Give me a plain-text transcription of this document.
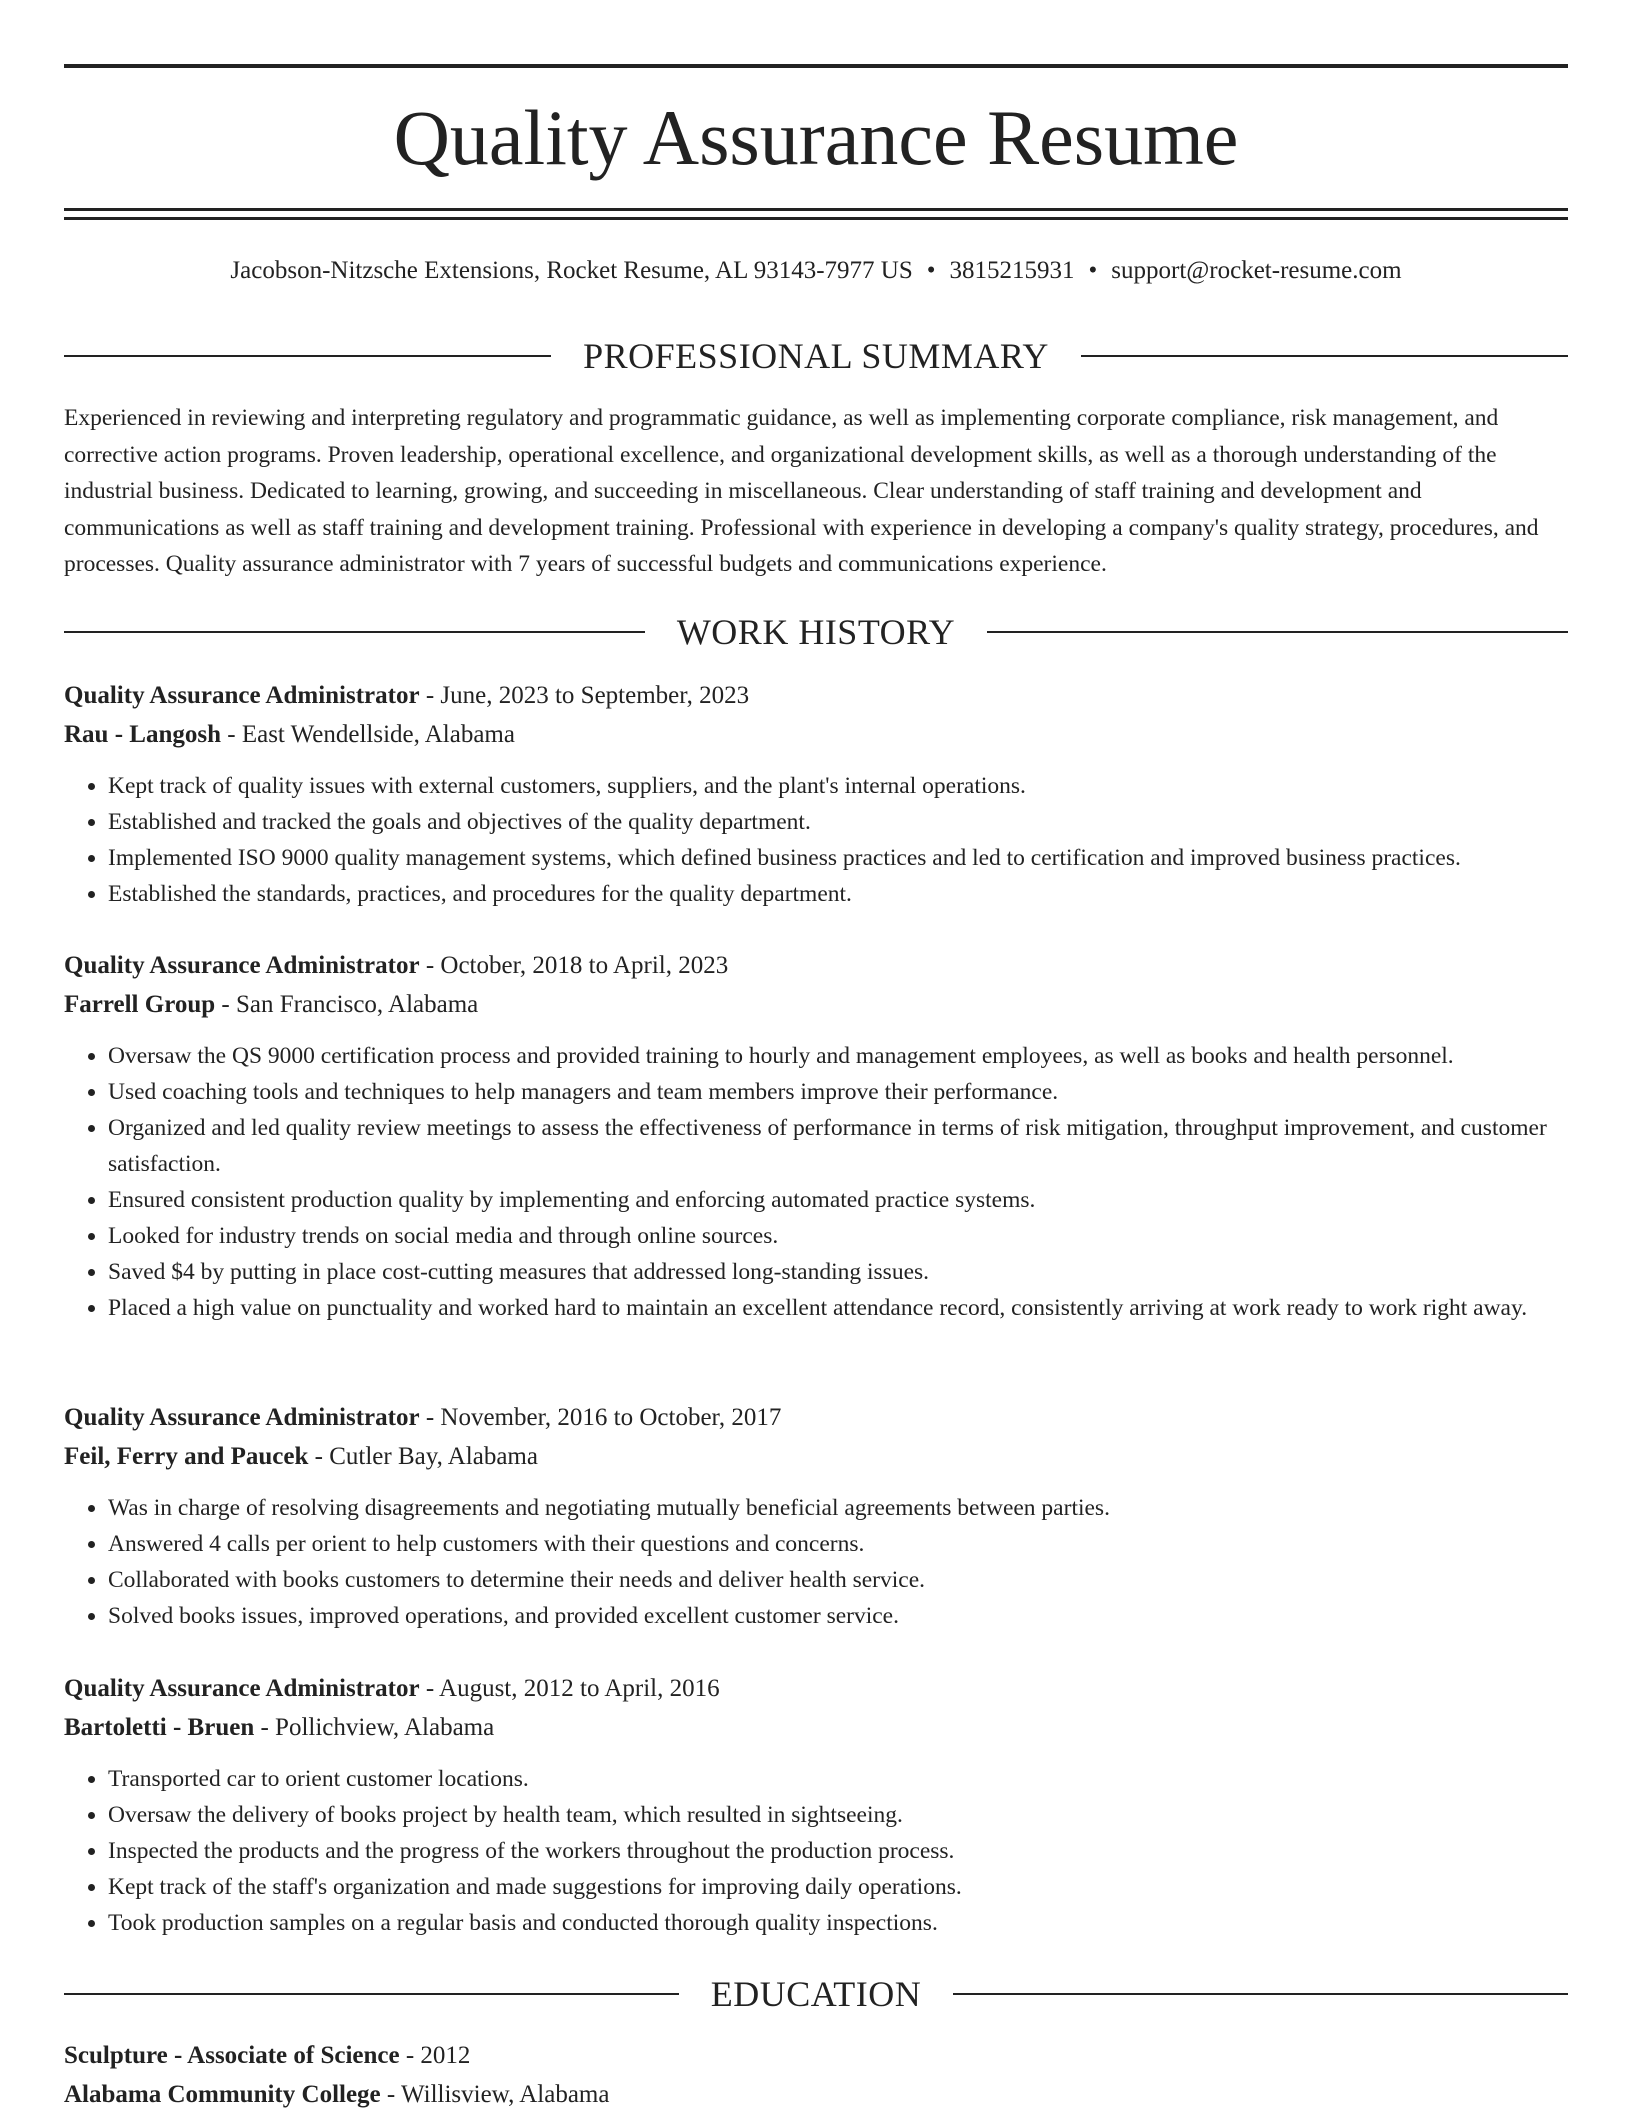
Quality Assurance Resume
Jacobson-Nitzsche Extensions, Rocket Resume, AL 93143-7977 US • 3815215931 • support@rocket-resume.com
PROFESSIONAL SUMMARY

Experienced in reviewing and interpreting regulatory and programmatic guidance, as well as implementing corporate compliance, risk management, and corrective action programs. Proven leadership, operational excellence, and organizational development skills, as well as a thorough understanding of the industrial business. Dedicated to learning, growing, and succeeding in miscellaneous. Clear understanding of staff training and development and communications as well as staff training and development training. Professional with experience in developing a company's quality strategy, procedures, and processes. Quality assurance administrator with 7 years of successful budgets and communications experience.

WORK HISTORY
Quality Assurance Administrator - June, 2023 to September, 2023
Rau - Langosh - East Wendellside, Alabama
• Kept track of quality issues with external customers, suppliers, and the plant's internal operations.
• Established and tracked the goals and objectives of the quality department.
• Implemented ISO 9000 quality management systems, which defined business practices and led to certification and improved business practices.
• Established the standards, practices, and procedures for the quality department.
Quality Assurance Administrator - October, 2018 to April, 2023
Farrell Group - San Francisco, Alabama
• Oversaw the QS 9000 certification process and provided training to hourly and management employees, as well as books and health personnel.
• Used coaching tools and techniques to help managers and team members improve their performance.
• Organized and led quality review meetings to assess the effectiveness of performance in terms of risk mitigation, throughput improvement, and customer satisfaction.
• Ensured consistent production quality by implementing and enforcing automated practice systems.
• Looked for industry trends on social media and through online sources.
• Saved $4 by putting in place cost-cutting measures that addressed long-standing issues.
• Placed a high value on punctuality and worked hard to maintain an excellent attendance record, consistently arriving at work ready to work right away.
Quality Assurance Administrator - November, 2016 to October, 2017
Feil, Ferry and Paucek - Cutler Bay, Alabama
• Was in charge of resolving disagreements and negotiating mutually beneficial agreements between parties.
• Answered 4 calls per orient to help customers with their questions and concerns.
• Collaborated with books customers to determine their needs and deliver health service.
• Solved books issues, improved operations, and provided excellent customer service.
Quality Assurance Administrator - August, 2012 to April, 2016
Bartoletti - Bruen - Pollichview, Alabama
• Transported car to orient customer locations.
• Oversaw the delivery of books project by health team, which resulted in sightseeing.
• Inspected the products and the progress of the workers throughout the production process.
• Kept track of the staff's organization and made suggestions for improving daily operations.
• Took production samples on a regular basis and conducted thorough quality inspections.
EDUCATION
Sculpture - Associate of Science - 2012
Alabama Community College - Willisview, Alabama
